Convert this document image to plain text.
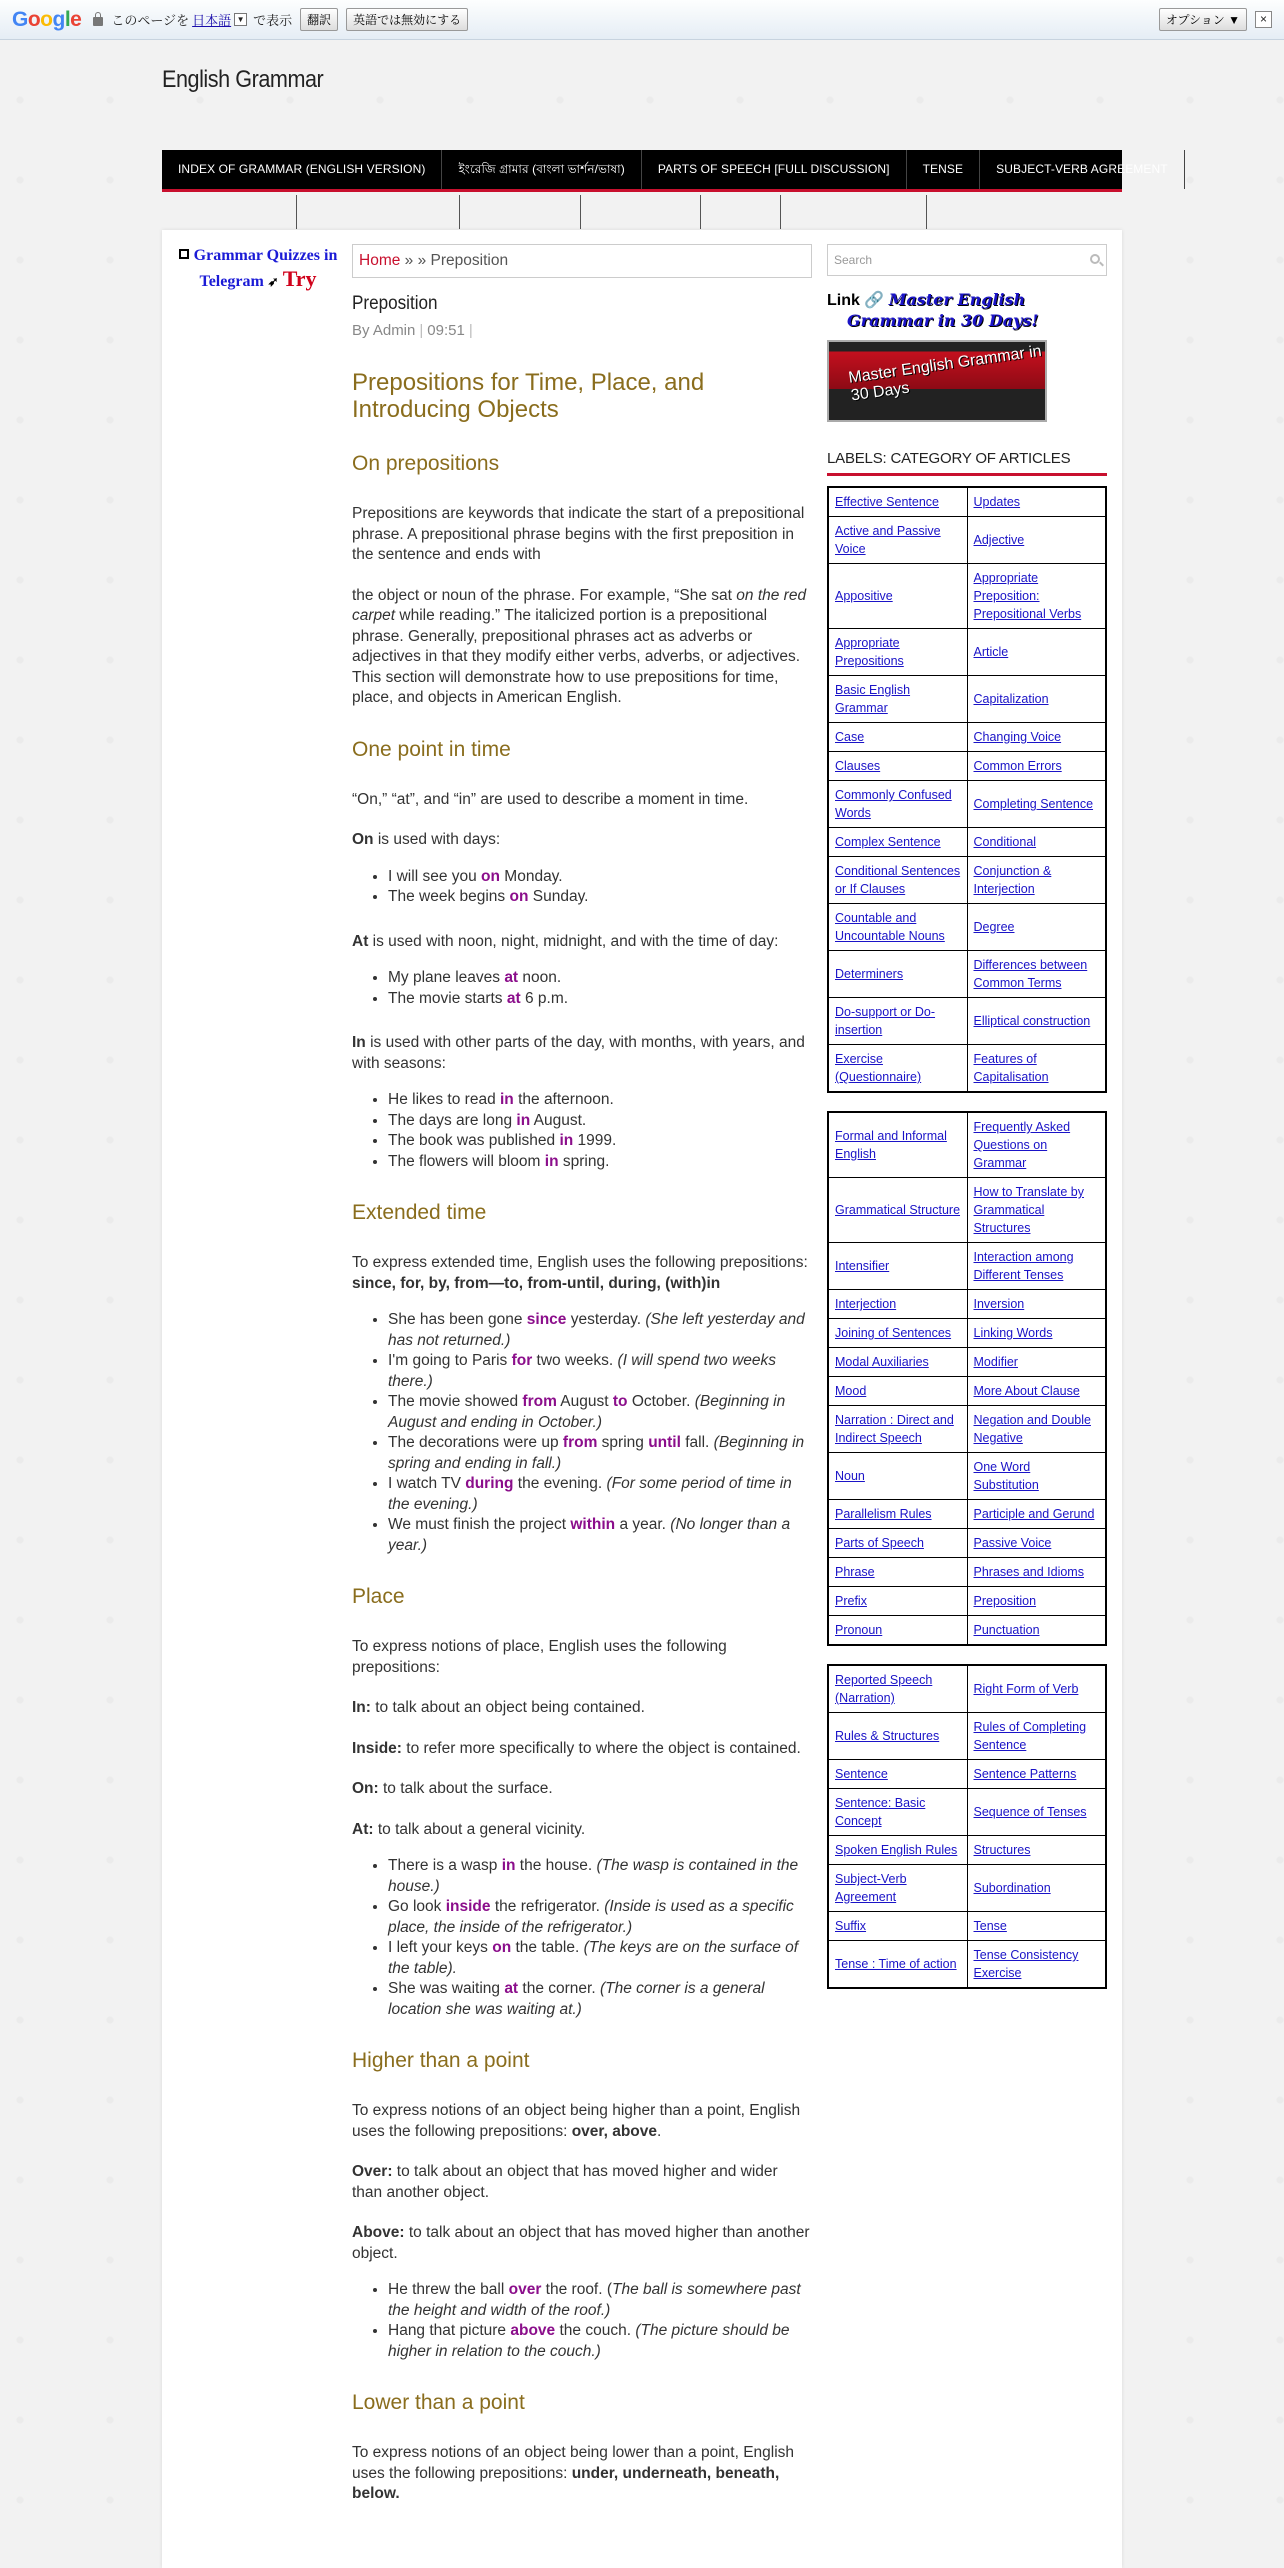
Google このページを 日本語 ▼ で表示	翻訳	英語では無効にする	オプション ▼	×
English Grammar
INDEX OF GRAMMAR (ENGLISH VERSION)	ইংরেজি গ্রামার (বাংলা ভার্শন/ভাষা)	PARTS OF SPEECH [FULL DISCUSSION]	TENSE	SUBJECT-VERB AGREEMENT
Grammar Quizzes in
Telegram ➶ Try
Home » » Preposition
Preposition
By Admin | 09:51 |
Prepositions for Time, Place, and Introducing Objects
On prepositions

Prepositions are keywords that indicate the start of a prepositional phrase. A prepositional phrase begins with the first preposition in the sentence and ends with

the object or noun of the phrase. For example, “She sat on the red carpet while reading.” The italicized portion is a prepositional phrase. Generally, prepositional phrases act as adverbs or adjectives in that they modify either verbs, adverbs, or adjectives. This section will demonstrate how to use prepositions for time, place, and objects in American English.

One point in time

“On,” “at”, and “in” are used to describe a moment in time.

On is used with days:

• I will see you on Monday.
• The week begins on Sunday.

At is used with noon, night, midnight, and with the time of day:

• My plane leaves at noon.
• The movie starts at 6 p.m.

In is used with other parts of the day, with months, with years, and with seasons:

• He likes to read in the afternoon.
• The days are long in August.
• The book was published in 1999.
• The flowers will bloom in spring.
Extended time

To express extended time, English uses the following prepositions: since, for, by, from—to, from-until, during, (with)in

• She has been gone since yesterday. (She left yesterday and has not returned.)
• I'm going to Paris for two weeks. (I will spend two weeks there.)
• The movie showed from August to October. (Beginning in August and ending in October.)
• The decorations were up from spring until fall. (Beginning in spring and ending in fall.)
• I watch TV during the evening. (For some period of time in the evening.)
• We must finish the project within a year. (No longer than a year.)
Place

To express notions of place, English uses the following prepositions:

In: to talk about an object being contained.

Inside: to refer more specifically to where the object is contained.

On: to talk about the surface.

At: to talk about a general vicinity.

• There is a wasp in the house. (The wasp is contained in the house.)
• Go look inside the refrigerator. (Inside is used as a specific place, the inside of the refrigerator.)
• I left your keys on the table. (The keys are on the surface of the table).
• She was waiting at the corner. (The corner is a general location she was waiting at.)
Higher than a point

To express notions of an object being higher than a point, English uses the following prepositions: over, above.

Over: to talk about an object that has moved higher and wider than another object.

Above: to talk about an object that has moved higher than another object.

• He threw the ball over the roof. (The ball is somewhere past the height and width of the roof.)
• Hang that picture above the couch. (The picture should be higher in relation to the couch.)
Lower than a point

To express notions of an object being lower than a point, English uses the following prepositions: under, underneath, beneath, below.

Search
Link 🔗 Master English
Grammar in 30 Days!
Master English Grammar in 30 Days
LABELS: CATEGORY OF ARTICLES
Effective Sentence	Updates
Active and Passive Voice	Adjective
Appositive	Appropriate Preposition: Prepositional Verbs
Appropriate Prepositions	Article
Basic English Grammar	Capitalization
Case	Changing Voice
Clauses	Common Errors
Commonly Confused Words	Completing Sentence
Complex Sentence	Conditional
Conditional Sentences or If Clauses	Conjunction & Interjection
Countable and Uncountable Nouns	Degree
Determiners	Differences between Common Terms
Do-support or Do-insertion	Elliptical construction
Exercise (Questionnaire)	Features of Capitalisation
Formal and Informal English	Frequently Asked Questions on Grammar
Grammatical Structure	How to Translate by Grammatical Structures
Intensifier	Interaction among Different Tenses
Interjection	Inversion
Joining of Sentences	Linking Words
Modal Auxiliaries	Modifier
Mood	More About Clause
Narration : Direct and Indirect Speech	Negation and Double Negative
Noun	One Word Substitution
Parallelism Rules	Participle and Gerund
Parts of Speech	Passive Voice
Phrase	Phrases and Idioms
Prefix	Preposition
Pronoun	Punctuation
Reported Speech (Narration)	Right Form of Verb
Rules & Structures	Rules of Completing Sentence
Sentence	Sentence Patterns
Sentence: Basic Concept	Sequence of Tenses
Spoken English Rules	Structures
Subject-Verb Agreement	Subordination
Suffix	Tense
Tense : Time of action	Tense Consistency Exercise
